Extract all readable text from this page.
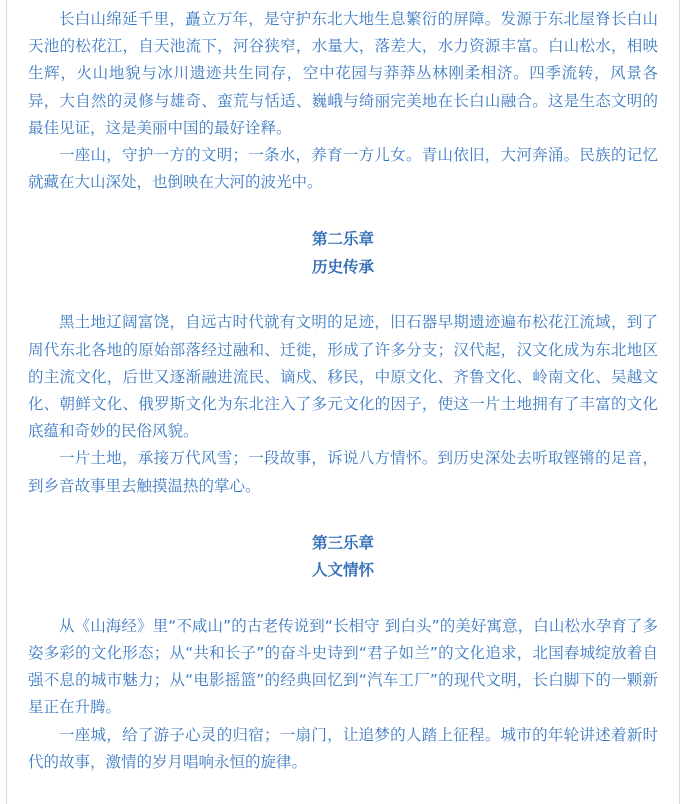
长白山绵延千里，矗立万年，是守护东北大地生息繁衍的屏障。发源于东北屋脊长白山天池的松花江，自天池流下，河谷狭窄，水量大，落差大，水力资源丰富。白山松水，相映生辉，火山地貌与冰川遗迹共生同存，空中花园与莽莽丛林刚柔相济。四季流转，风景各异，大自然的灵修与雄奇、蛮荒与恬适、巍峨与绮丽完美地在长白山融合。这是生态文明的最佳见证，这是美丽中国的最好诠释。

一座山，守护一方的文明；一条水，养育一方儿女。青山依旧，大河奔涌。民族的记忆就藏在大山深处，也倒映在大河的波光中。

第二乐章
历史传承

黑土地辽阔富饶，自远古时代就有文明的足迹，旧石器早期遗迹遍布松花江流域，到了周代东北各地的原始部落经过融和、迁徙，形成了许多分支；汉代起，汉文化成为东北地区的主流文化，后世又逐渐融进流民、谪戍、移民，中原文化、齐鲁文化、岭南文化、吴越文化、朝鲜文化、俄罗斯文化为东北注入了多元文化的因子，使这一片土地拥有了丰富的文化底蕴和奇妙的民俗风貌。

一片土地，承接万代风雪；一段故事，诉说八方情怀。到历史深处去听取铿锵的足音，到乡音故事里去触摸温热的掌心。

第三乐章
人文情怀

从《山海经》里“不咸山”的古老传说到“长相守 到白头”的美好寓意，白山松水孕育了多姿多彩的文化形态；从“共和长子”的奋斗史诗到“君子如兰”的文化追求，北国春城绽放着自强不息的城市魅力；从“电影摇篮”的经典回忆到“汽车工厂”的现代文明，长白脚下的一颗新星正在升腾。

一座城，给了游子心灵的归宿；一扇门，让追梦的人踏上征程。城市的年轮讲述着新时代的故事，激情的岁月唱响永恒的旋律。
